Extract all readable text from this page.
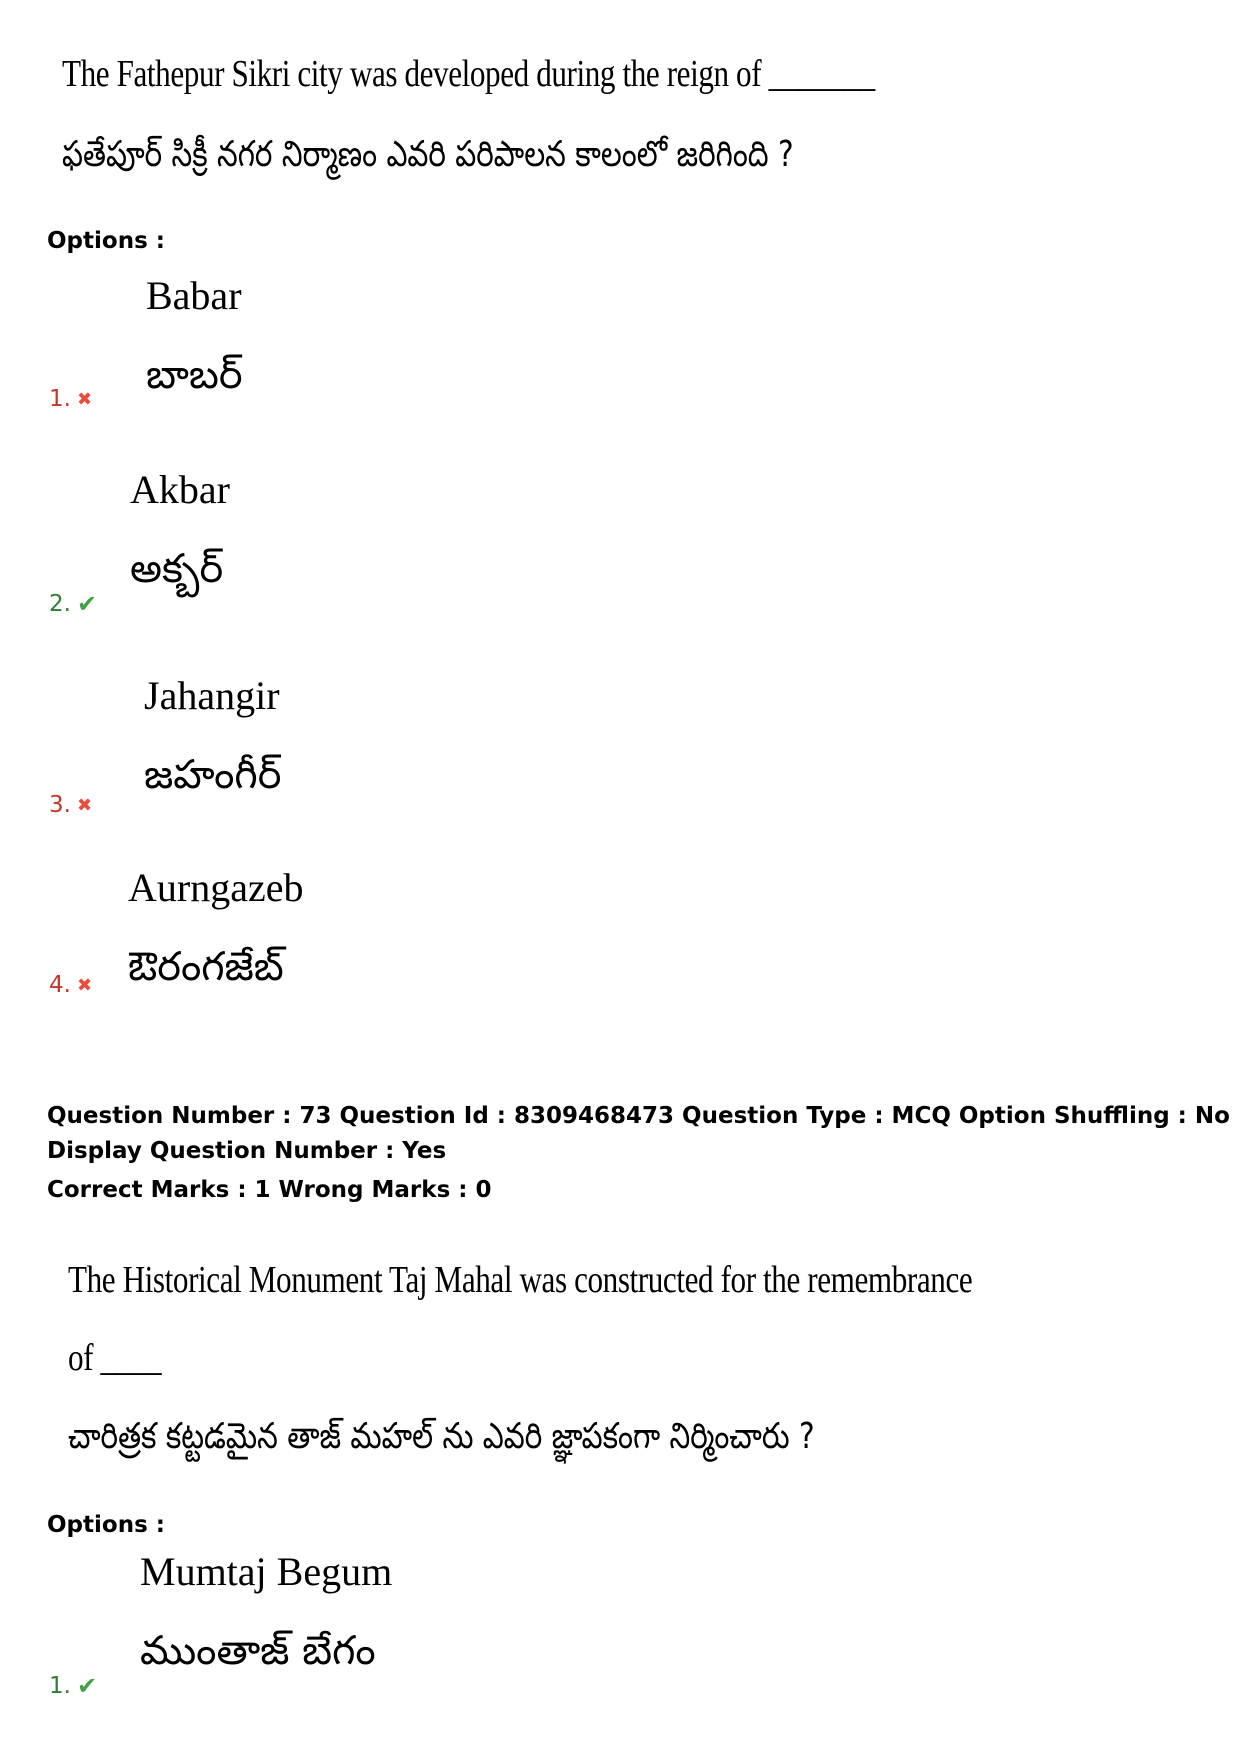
The Fathepur Sikri city was developed during the reign of _______
ఫతేపూర్ సిక్రీ నగర నిర్మాణం ఎవరి పరిపాలన కాలంలో జరిగింది ?
Options :
Babar
బాబర్
1. ✖
Akbar
అక్బర్
2. ✔
Jahangir
జహంగీర్
3. ✖
Aurngazeb
ఔరంగజేబ్
4. ✖
Question Number : 73 Question Id : 8309468473 Question Type : MCQ Option Shuffling : No
Display Question Number : Yes
Correct Marks : 1 Wrong Marks : 0
The Historical Monument Taj Mahal was constructed for the remembrance
of ____
చారిత్రక కట్టడమైన తాజ్ మహల్ ను ఎవరి జ్ఞాపకంగా నిర్మించారు ?
Options :
Mumtaj Begum
ముంతాజ్ బేగం
1. ✔
